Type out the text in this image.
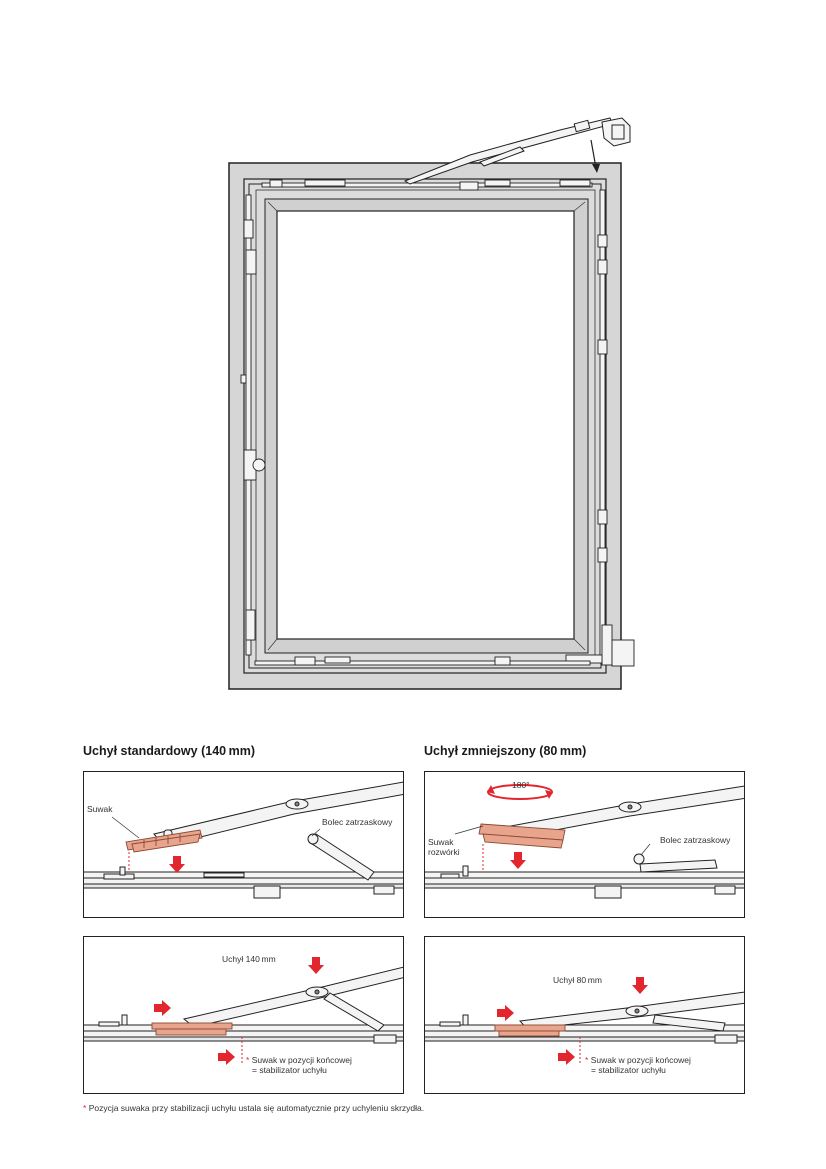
Uchył standardowy (140 mm)	Uchył zmniejszony (80 mm)
Suwak
Bolec zatrzaskowy
Uchył 140 mm
* Suwak w pozycji końcowej
= stabilizator uchyłu
180°
Suwak
rozwórki
Bolec zatrzaskowy
Uchył 80 mm
* Suwak w pozycji końcowej
= stabilizator uchyłu
* Pozycja suwaka przy stabilizacji uchyłu ustala się automatycznie przy uchyleniu skrzydła.
